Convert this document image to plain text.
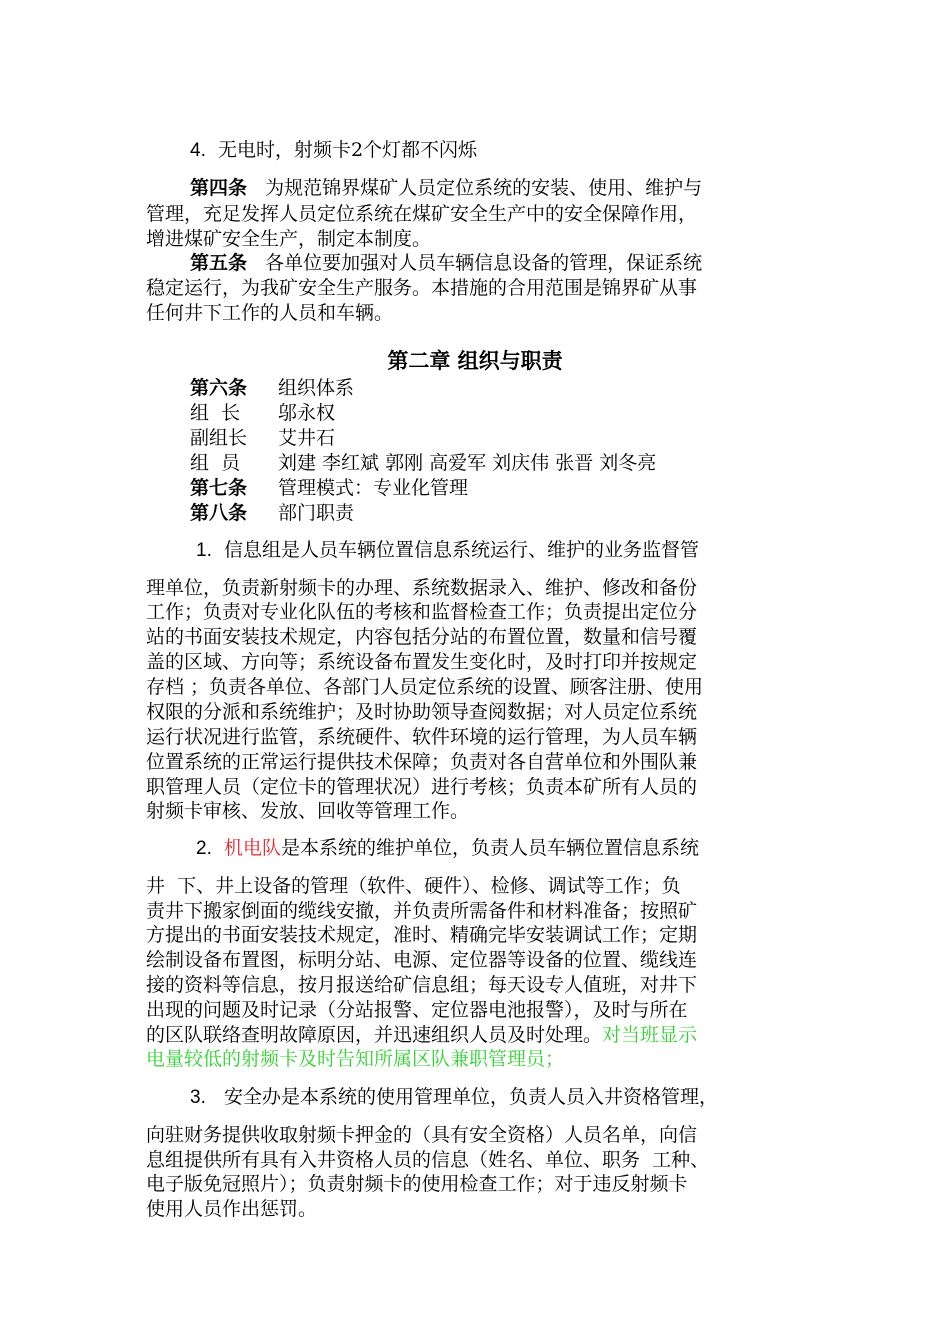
4. 无电时，射频卡2个灯都不闪烁
第四条 为规范锦界煤矿人员定位系统的安装、使用、维护与
管理，充足发挥人员定位系统在煤矿安全生产中的安全保障作用，
增进煤矿安全生产，制定本制度。
第五条 各单位要加强对人员车辆信息设备的管理，保证系统
稳定运行，为我矿安全生产服务。本措施的合用范围是锦界矿从事
任何井下工作的人员和车辆。
第二章 组织与职责
第六条 组织体系
组  长 邬永权
副组长 艾井石
组  员 刘建 李红斌 郭刚 高爱军 刘庆伟 张晋 刘冬亮
第七条 管理模式：专业化管理
第八条 部门职责
1. 信息组是人员车辆位置信息系统运行、维护的业务监督管
理单位，负责新射频卡的办理、系统数据录入、维护、修改和备份
工作；负责对专业化队伍的考核和监督检查工作；负责提出定位分
站的书面安装技术规定，内容包括分站的布置位置，数量和信号覆
盖的区域、方向等；系统设备布置发生变化时，及时打印并按规定
存档 ；负责各单位、各部门人员定位系统的设置、顾客注册、使用
权限的分派和系统维护；及时协助领导查阅数据；对人员定位系统
运行状况进行监管，系统硬件、软件环境的运行管理，为人员车辆
位置系统的正常运行提供技术保障；负责对各自营单位和外围队兼
职管理人员（定位卡的管理状况）进行考核；负责本矿所有人员的
射频卡审核、发放、回收等管理工作。
2. 机电队是本系统的维护单位，负责人员车辆位置信息系统
井  下、井上设备的管理（软件、硬件）、检修、调试等工作；负
责井下搬家倒面的缆线安撤，并负责所需备件和材料准备；按照矿
方提出的书面安装技术规定，准时、精确完毕安装调试工作；定期
绘制设备布置图，标明分站、电源、定位器等设备的位置、缆线连
接的资料等信息，按月报送给矿信息组；每天设专人值班，对井下
出现的问题及时记录（分站报警、定位器电池报警），及时与所在
的区队联络查明故障原因，并迅速组织人员及时处理。对当班显示
电量较低的射频卡及时告知所属区队兼职管理员；
3. 安全办是本系统的使用管理单位，负责人员入井资格管理，
向驻财务提供收取射频卡押金的（具有安全资格）人员名单，向信
息组提供所有具有入井资格人员的信息（姓名、单位、职务  工种、
电子版免冠照片）；负责射频卡的使用检查工作；对于违反射频卡
使用人员作出惩罚。
